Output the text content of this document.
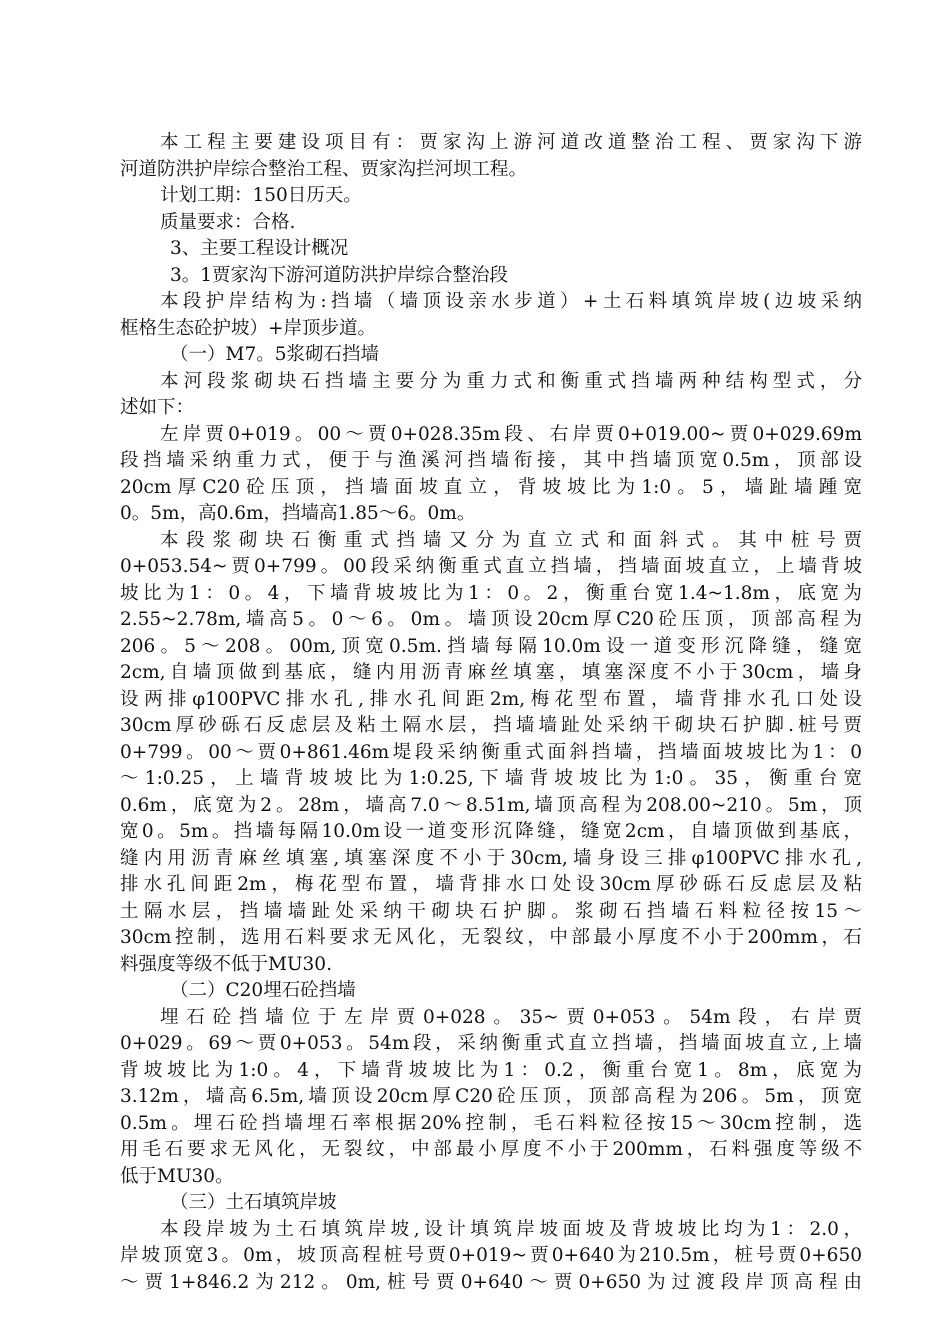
本工程主要建设项目有：贾家沟上游河道改道整治工程、贾家沟下游
河道防洪护岸综合整治工程、贾家沟拦河坝工程。
计划工期：150日历天。
质量要求：合格.
3、主要工程设计概况
3。1贾家沟下游河道防洪护岸综合整治段
本段护岸结构为:挡墙（墙顶设亲水步道）+土石料填筑岸坡(边坡采纳
框格生态砼护坡）+岸顶步道。
（一）M7。5浆砌石挡墙
本河段浆砌块石挡墙主要分为重力式和衡重式挡墙两种结构型式，分
述如下：
左岸贾0+019。00～贾0+028.35m段、右岸贾0+019.00~贾0+029.69m
段挡墙采纳重力式，便于与渔溪河挡墙衔接，其中挡墙顶宽0.5m，顶部设
20cm厚C20砼压顶，挡墙面坡直立，背坡坡比为1:0。5，墙趾墙踵宽
0。5m，高0.6m，挡墙高1.85～6。0m。
本段浆砌块石衡重式挡墙又分为直立式和面斜式。其中桩号贾
0+053.54~贾0+799。00段采纳衡重式直立挡墙，挡墙面坡直立，上墙背坡
坡比为1：0。4，下墙背坡坡比为1：0。2，衡重台宽1.4~1.8m，底宽为
2.55~2.78m,墙高5。0～6。0m。墙顶设20cm厚C20砼压顶，顶部高程为
206。5～208。00m,顶宽0.5m.挡墙每隔10.0m设一道变形沉降缝，缝宽
2cm,自墙顶做到基底，缝内用沥青麻丝填塞，填塞深度不小于30cm，墙身
设两排φ100PVC排水孔,排水孔间距2m,梅花型布置，墙背排水孔口处设
30cm厚砂砾石反虑层及粘土隔水层，挡墙墙趾处采纳干砌块石护脚.桩号贾
0+799。00～贾0+861.46m堤段采纳衡重式面斜挡墙，挡墙面坡坡比为1：0
～1:0.25，上墙背坡坡比为1:0.25,下墙背坡坡比为1:0。35，衡重台宽
0.6m，底宽为2。28m，墙高7.0～8.51m,墙顶高程为208.00~210。5m，顶
宽0。5m。挡墙每隔10.0m设一道变形沉降缝，缝宽2cm，自墙顶做到基底，
缝内用沥青麻丝填塞,填塞深度不小于30cm,墙身设三排φ100PVC排水孔,
排水孔间距2m，梅花型布置，墙背排水口处设30cm厚砂砾石反虑层及粘
土隔水层，挡墙墙趾处采纳干砌块石护脚。浆砌石挡墙石料粒径按15～
30cm控制，选用石料要求无风化，无裂纹，中部最小厚度不小于200mm，石
料强度等级不低于MU30.
（二）C20埋石砼挡墙
埋石砼挡墙位于左岸贾0+028。35~贾0+053。54m段，右岸贾
0+029。69～贾0+053。54m段，采纳衡重式直立挡墙，挡墙面坡直立,上墙
背坡坡比为1:0。4，下墙背坡坡比为1：0.2，衡重台宽1。8m，底宽为
3.12m，墙高6.5m,墙顶设20cm厚C20砼压顶，顶部高程为206。5m，顶宽
0.5m。埋石砼挡墙埋石率根据20%控制，毛石料粒径按15～30cm控制，选
用毛石要求无风化，无裂纹，中部最小厚度不小于200mm，石料强度等级不
低于MU30。
（三）土石填筑岸坡
本段岸坡为土石填筑岸坡,设计填筑岸坡面坡及背坡坡比均为1：2.0，
岸坡顶宽3。0m，坡顶高程桩号贾0+019~贾0+640为210.5m，桩号贾0+650
～贾1+846.2为212。0m,桩号贾0+640～贾0+650为过渡段岸顶高程由
